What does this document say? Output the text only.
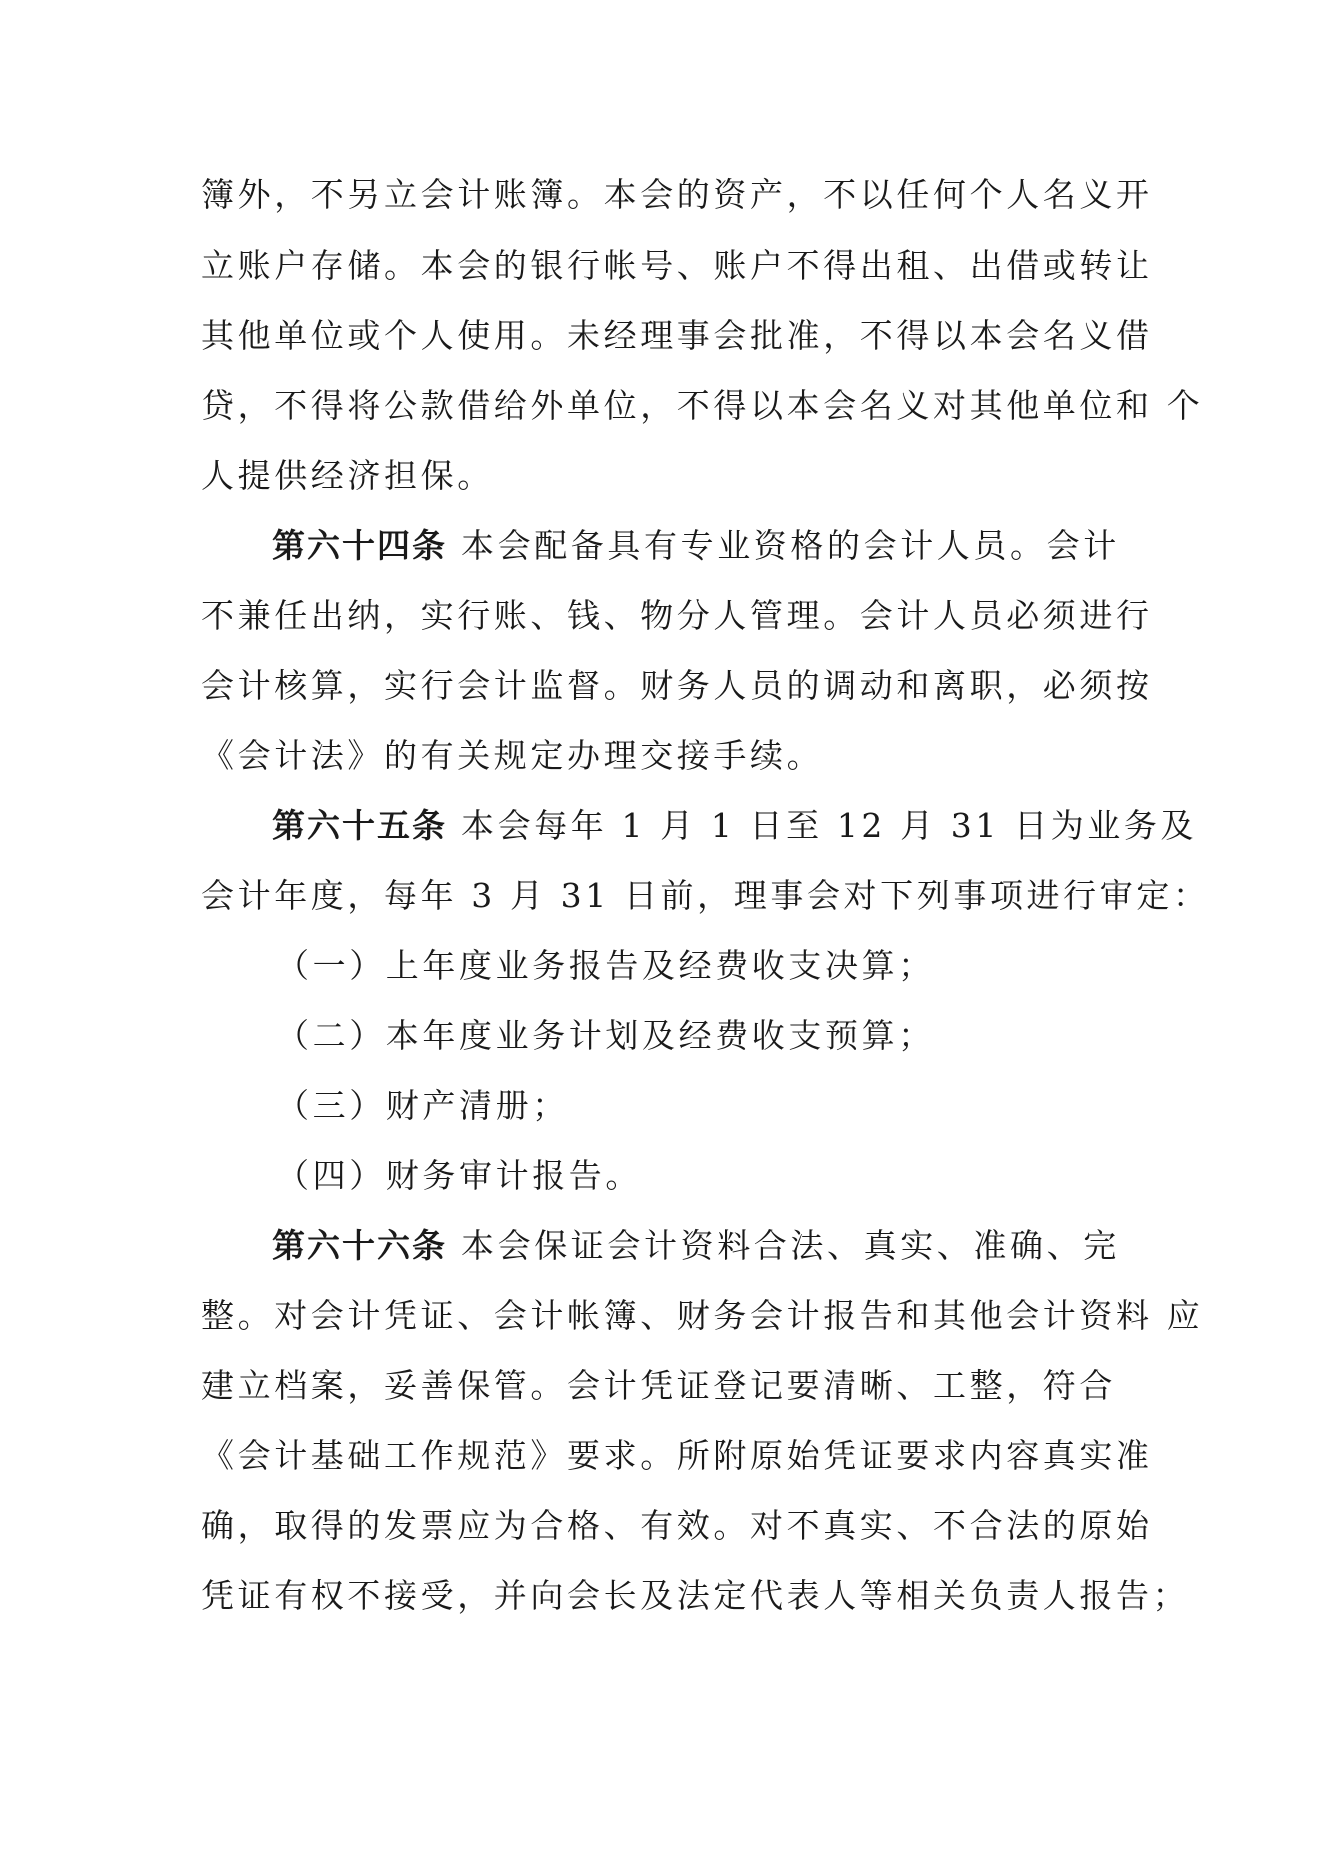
簿外，不另立会计账簿。本会的资产，不以任何个人名义开
立账户存储。本会的银行帐号、账户不得出租、出借或转让
其他单位或个人使用。未经理事会批准，不得以本会名义借
贷，不得将公款借给外单位，不得以本会名义对其他单位和 个
人提供经济担保。
第六十四条 本会配备具有专业资格的会计人员。会计
不兼任出纳，实行账、钱、物分人管理。会计人员必须进行
会计核算，实行会计监督。财务人员的调动和离职，必须按
《会计法》的有关规定办理交接手续。
第六十五条 本会每年 1 月 1 日至 12 月 31 日为业务及
会计年度，每年 3 月 31 日前，理事会对下列事项进行审定：
（一）上年度业务报告及经费收支决算；
（二）本年度业务计划及经费收支预算；
（三）财产清册；
（四）财务审计报告。
第六十六条 本会保证会计资料合法、真实、准确、完
整。对会计凭证、会计帐簿、财务会计报告和其他会计资料 应
建立档案，妥善保管。会计凭证登记要清晰、工整，符合
《会计基础工作规范》要求。所附原始凭证要求内容真实准
确，取得的发票应为合格、有效。对不真实、不合法的原始
凭证有权不接受，并向会长及法定代表人等相关负责人报告；
